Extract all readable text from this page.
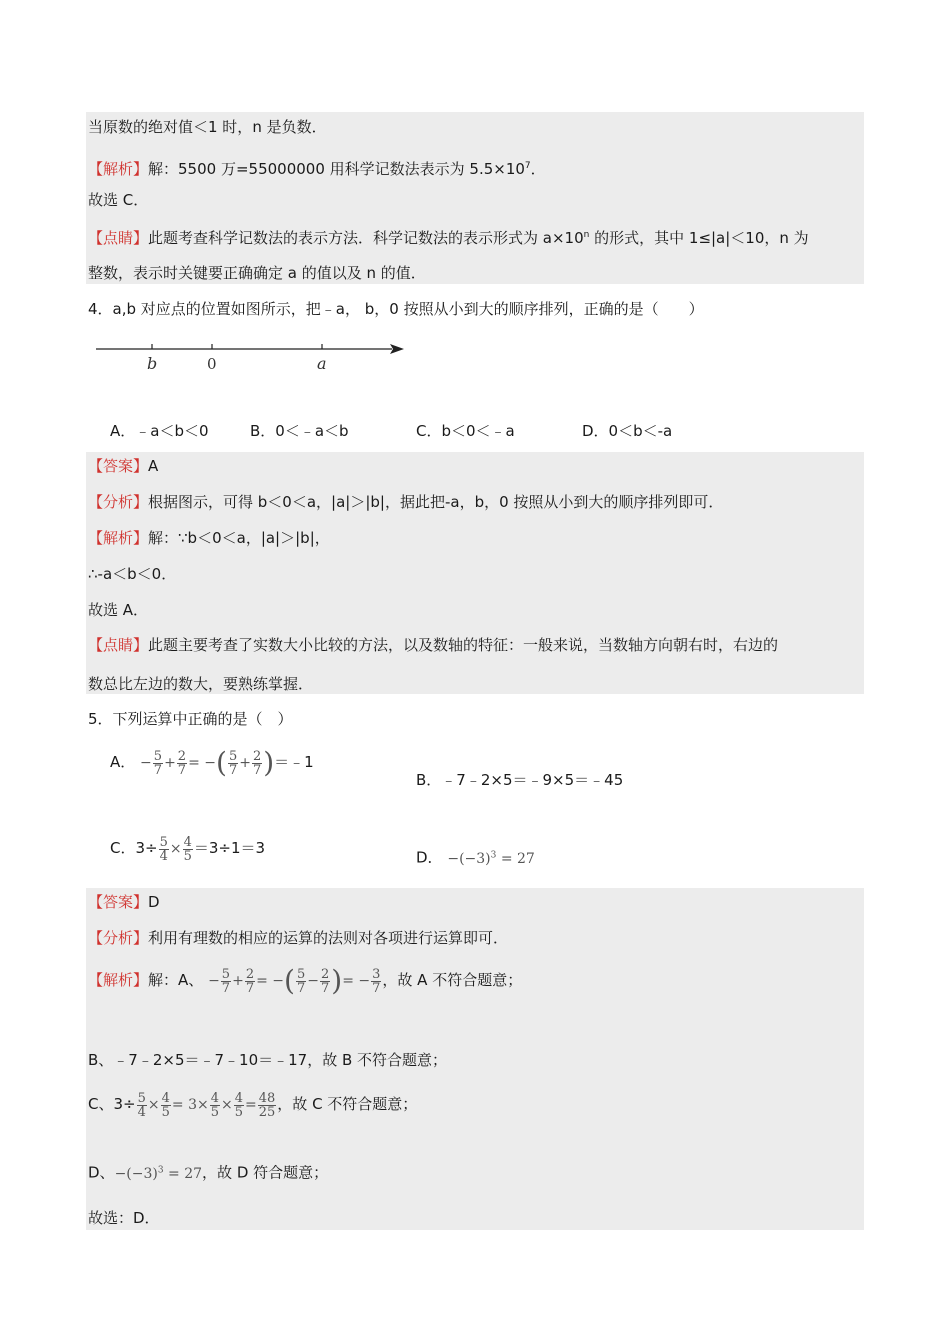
当原数的绝对值＜1 时，n 是负数．
【解析】解：5500 万=55000000 用科学记数法表示为 $5.5\times 10^7$．
故选 C．
【点睛】此题考查科学记数法的表示方法．科学记数法的表示形式为 $a\times 10^n$ 的形式，其中 1≤|a|＜10，n 为
整数，表示时关键要正确确定 a 的值以及 n 的值．
4．a,b 对应点的位置如图所示，把﹣a， b，0 按照从小到大的顺序排列，正确的是（　　）
b	0	a
A．﹣a＜b＜0	B．0＜﹣a＜b	C．b＜0＜﹣a	D．0＜b＜-a
【答案】A
【分析】根据图示，可得 b＜0＜a，|a|＞|b|，据此把-a，b，0 按照从小到大的顺序排列即可．
【解析】解：∵b＜0＜a，|a|＞|b|，
∴-a＜b＜0．
故选 A．
【点睛】此题主要考查了实数大小比较的方法，以及数轴的特征：一般来说，当数轴方向朝右时，右边的
数总比左边的数大，要熟练掌握．
5．下列运算中正确的是（　）
A． − $\frac{5}{7} + \frac{2}{7}$ = −( $\frac{5}{7} + \frac{2}{7}$ )＝﹣1
B．﹣7﹣2×5＝﹣9×5＝﹣45
C．$3\div \frac{5}{4} \times \frac{4}{5} =3\div 1=3$
D． $-(-3)^3 = 27$
【答案】D
【分析】利用有理数的相应的运算的法则对各项进行运算即可．
【解析】解：A、 − $\frac{5}{7} + \frac{2}{7}$ = −( $\frac{5}{7} - \frac{2}{7}$ )= − $\frac{3}{7}$ ，故 A 不符合题意；
B、﹣7﹣2×5＝﹣7﹣10＝﹣17，故 B 不符合题意；
C、$3\div \frac{5}{4} \times \frac{4}{5} = 3\times \frac{4}{5} \times \frac{4}{5} = \frac{48}{25}$ ，故 C 不符合题意；
D、$-(-3)^3 = 27$，故 D 符合题意；
故选：D．
